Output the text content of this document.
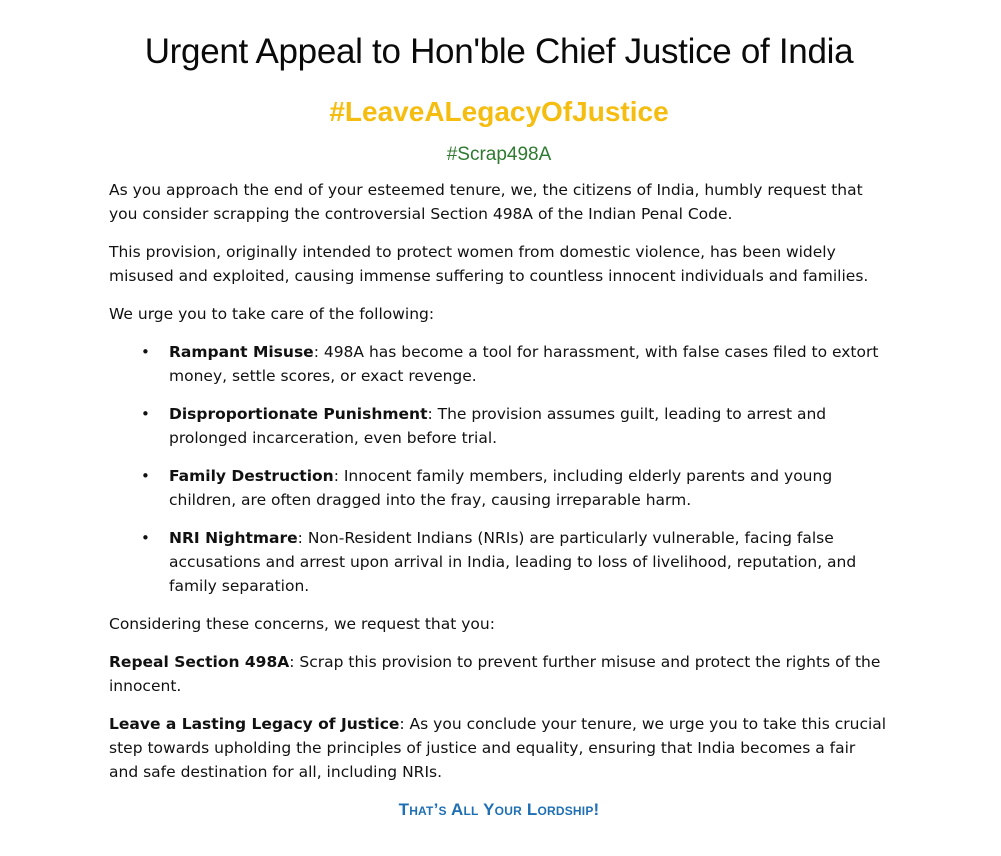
Urgent Appeal to Hon'ble Chief Justice of India
#LeaveALegacyOfJustice
#Scrap498A

As you approach the end of your esteemed tenure, we, the citizens of India, humbly request that you consider scrapping the controversial Section 498A of the Indian Penal Code.

This provision, originally intended to protect women from domestic violence, has been widely misused and exploited, causing immense suffering to countless innocent individuals and families.

We urge you to take care of the following:

• Rampant Misuse: 498A has become a tool for harassment, with false cases filed to extort money, settle scores, or exact revenge.
• Disproportionate Punishment: The provision assumes guilt, leading to arrest and prolonged incarceration, even before trial.
• Family Destruction: Innocent family members, including elderly parents and young children, are often dragged into the fray, causing irreparable harm.
• NRI Nightmare: Non-Resident Indians (NRIs) are particularly vulnerable, facing false accusations and arrest upon arrival in India, leading to loss of livelihood, reputation, and family separation.

Considering these concerns, we request that you:

Repeal Section 498A: Scrap this provision to prevent further misuse and protect the rights of the innocent.

Leave a Lasting Legacy of Justice: As you conclude your tenure, we urge you to take this crucial step towards upholding the principles of justice and equality, ensuring that India becomes a fair and safe destination for all, including NRIs.

That’s All Your Lordship!
